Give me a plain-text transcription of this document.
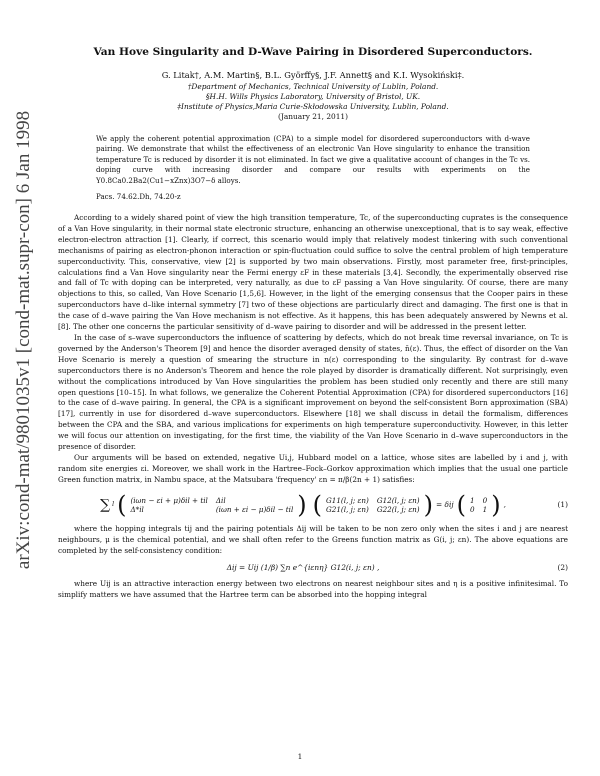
arXiv:cond-mat/9801035v1 [cond-mat.supr-con] 6 Jan 1998
Van Hove Singularity and D-Wave Pairing in Disordered Superconductors.
G. Litak†, A.M. Martin§, B.L. Györffy§, J.F. Annett§ and K.I. Wysokiński‡.
†Department of Mechanics, Technical University of Lublin, Poland.
§H.H. Wills Physics Laboratory, University of Bristol, UK.
‡Institute of Physics,Maria Curie-Skłodowska University, Lublin, Poland.
(January 21, 2011)
We apply the coherent potential approximation (CPA) to a simple model for disordered superconductors with d-wave pairing. We demonstrate that whilst the effectiveness of an electronic Van Hove singularity to enhance the transition temperature Tc is reduced by disorder it is not eliminated. In fact we give a qualitative account of changes in the Tc vs. doping curve with increasing disorder and compare our results with experiments on the Y0.8Ca0.2Ba2(Cu1−xZnx)3O7−δ alloys.
Pacs. 74.62.Dh, 74.20-z

According to a widely shared point of view the high transition temperature, Tc, of the superconducting cuprates is the consequence of a Van Hove singularity, in their normal state electronic structure, enhancing an otherwise unexceptional, that is to say weak, effective electron-electron attraction [1]. Clearly, if correct, this scenario would imply that relatively modest tinkering with such conventional mechanisms of pairing as electron-phonon interaction or spin-fluctuation could suffice to solve the central problem of high temperature superconductivity. This, conservative, view [2] is supported by two main observations. Firstly, most parameter free, first-principles, calculations find a Van Hove singularity near the Fermi energy εF in these materials [3,4]. Secondly, the experimentally observed rise and fall of Tc with doping can be interpreted, very naturally, as due to εF passing a Van Hove singularity. Of course, there are many objections to this, so called, Van Hove Scenario [1,5,6]. However, in the light of the emerging consensus that the Cooper pairs in these superconductors have d–like internal symmetry [7] two of these objections are particularly direct and damaging. The first one is that in the case of d–wave pairing the Van Hove mechanism is not effective. As it happens, this has been adequately answered by Newns et al. [8]. The other one concerns the particular sensitivity of d–wave pairing to disorder and will be addressed in the present letter.

In the case of s–wave superconductors the influence of scattering by defects, which do not break time reversal invariance, on Tc is governed by the Anderson's Theorem [9] and hence the disorder averaged density of states, n̄(ε). Thus, the effect of disorder on the Van Hove Scenario is merely a question of smearing the structure in n(ε) corresponding to the singularity. By contrast for d–wave superconductors there is no Anderson's Theorem and hence the role played by disorder is dramatically different. Not surprisingly, even without the complications introduced by Van Hove singularities the problem has been studied only recently and there are still many open questions [10–15]. In what follows, we generalize the Coherent Potential Approximation (CPA) for disordered superconductors [16] to the case of d–wave pairing. In general, the CPA is a significant improvement on beyond the self-consistent Born approximation (SBA) [17], currently in use for disordered d–wave superconductors. Elsewhere [18] we shall discuss in detail the formalism, differences between the CPA and the SBA, and various implications for experiments on high temperature superconductivity. However, in this letter we will focus our attention on investigating, for the first time, the viability of the Van Hove Scenario in d–wave superconductors in the presence of disorder.

Our arguments will be based on extended, negative Ui,j, Hubbard model on a lattice, whose sites are labelled by i and j, with random site energies εi. Moreover, we shall work in the Hartree–Fock–Gorkov approximation which implies that the usual one particle Green function matrix, in Nambu space, at the Matsubara 'frequency' εn = π/β(2n + 1) satisfies:

∑ l ( (iωn − εi + μ)δil + til	Δil
Δ*il	(iωn + εi − μ)δil − til ) ( G11(l, j; εn)	G12(l, j; εn)
G21(l, j; εn)	G22(l, j; εn) ) = δij ( 1	0
0	1 ) ,	(1)

where the hopping integrals tij and the pairing potentials Δij will be taken to be non zero only when the sites i and j are nearest neighbours, μ is the chemical potential, and we shall often refer to the Greens function matrix as G(i, j; εn). The above equations are completed by the self-consistency condition:

Δij = Uij (1/β) ∑n e^{iεnη} G12(i, j; εn) ,	(2)

where Uij is an attractive interaction energy between two electrons on nearest neighbour sites and η is a positive infinitesimal. To simplify matters we have assumed that the Hartree term can be absorbed into the hopping integral

1
